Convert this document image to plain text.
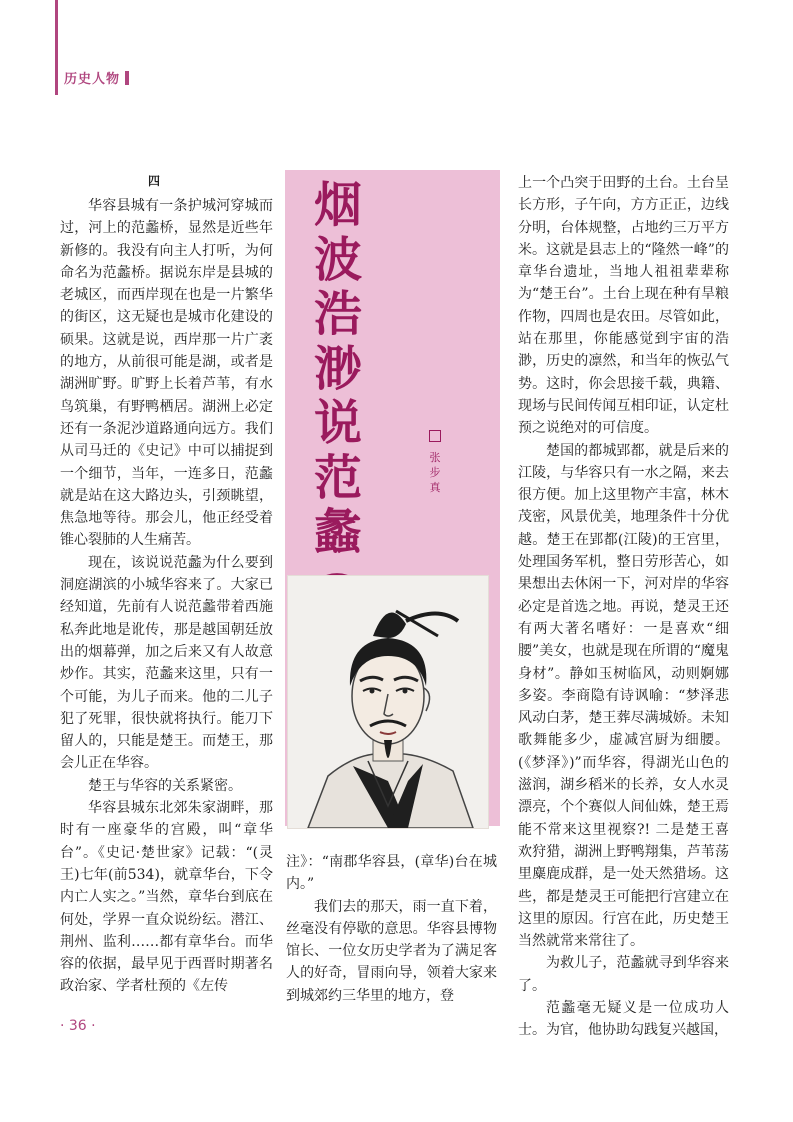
历史人物
四

华容县城有一条护城河穿城而过，河上的范蠡桥，显然是近些年新修的。我没有向主人打听，为何命名为范蠡桥。据说东岸是县城的老城区，而西岸现在也是一片繁华的街区，这无疑也是城市化建设的硕果。这就是说，西岸那一片广袤的地方，从前很可能是湖，或者是湖洲旷野。旷野上长着芦苇，有水鸟筑巢，有野鸭栖居。湖洲上必定还有一条泥沙道路通向远方。我们从司马迁的《史记》中可以捕捉到一个细节，当年，一连多日，范蠡就是站在这大路边头，引颈眺望，焦急地等待。那会儿，他正经受着锥心裂肺的人生痛苦。

现在，该说说范蠡为什么要到洞庭湖滨的小城华容来了。大家已经知道，先前有人说范蠡带着西施私奔此地是讹传，那是越国朝廷放出的烟幕弹，加之后来又有人故意炒作。其实，范蠡来这里，只有一个可能，为儿子而来。他的二儿子犯了死罪，很快就将执行。能刀下留人的，只能是楚王。而楚王，那会儿正在华容。

楚王与华容的关系紧密。

华容县城东北郊朱家湖畔，那时有一座豪华的宫殿，叫“章华台”。《史记·楚世家》记载：“(灵王)七年(前534)，就章华台，下令内亡人实之。”当然，章华台到底在何处，学界一直众说纷纭。潜江、荆州、监利……都有章华台。而华容的依据，最早见于西晋时期著名政治家、学者杜预的《左传

烟
波
浩
渺
说
范
蠡
张
步
真

注》：“南郡华容县，(章华)台在城内。”

我们去的那天，雨一直下着，丝毫没有停歇的意思。华容县博物馆长、一位女历史学者为了满足客人的好奇，冒雨向导，领着大家来到城郊约三华里的地方，登

上一个凸突于田野的土台。土台呈长方形，子午向，方方正正，边线分明，台体规整，占地约三万平方米。这就是县志上的“隆然一峰”的章华台遗址，当地人祖祖辈辈称为“楚王台”。土台上现在种有旱粮作物，四周也是农田。尽管如此，站在那里，你能感觉到宇宙的浩渺，历史的凛然，和当年的恢弘气势。这时，你会思接千载，典籍、现场与民间传闻互相印证，认定杜预之说绝对的可信度。

楚国的都城郢都，就是后来的江陵，与华容只有一水之隔，来去很方便。加上这里物产丰富，林木茂密，风景优美，地理条件十分优越。楚王在郢都(江陵)的王宫里，处理国务军机，整日劳形苦心，如果想出去休闲一下，河对岸的华容必定是首选之地。再说，楚灵王还有两大著名嗜好：一是喜欢“细腰”美女，也就是现在所谓的“魔鬼身材”。静如玉树临风，动则婀娜多姿。李商隐有诗讽喻：“梦泽悲风动白茅，楚王葬尽满城娇。未知歌舞能多少，虚减宫厨为细腰。(《梦泽》)”而华容，得湖光山色的滋润，湖乡稻米的长养，女人水灵漂亮，个个赛似人间仙姝，楚王焉能不常来这里视察?! 二是楚王喜欢狩猎，湖洲上野鸭翔集，芦苇荡里麋鹿成群，是一处天然猎场。这些，都是楚灵王可能把行宫建立在这里的原因。行宫在此，历史楚王当然就常来常往了。

为救儿子，范蠡就寻到华容来了。

范蠡毫无疑义是一位成功人士。为官，他协助勾践复兴越国，

· 36 ·
